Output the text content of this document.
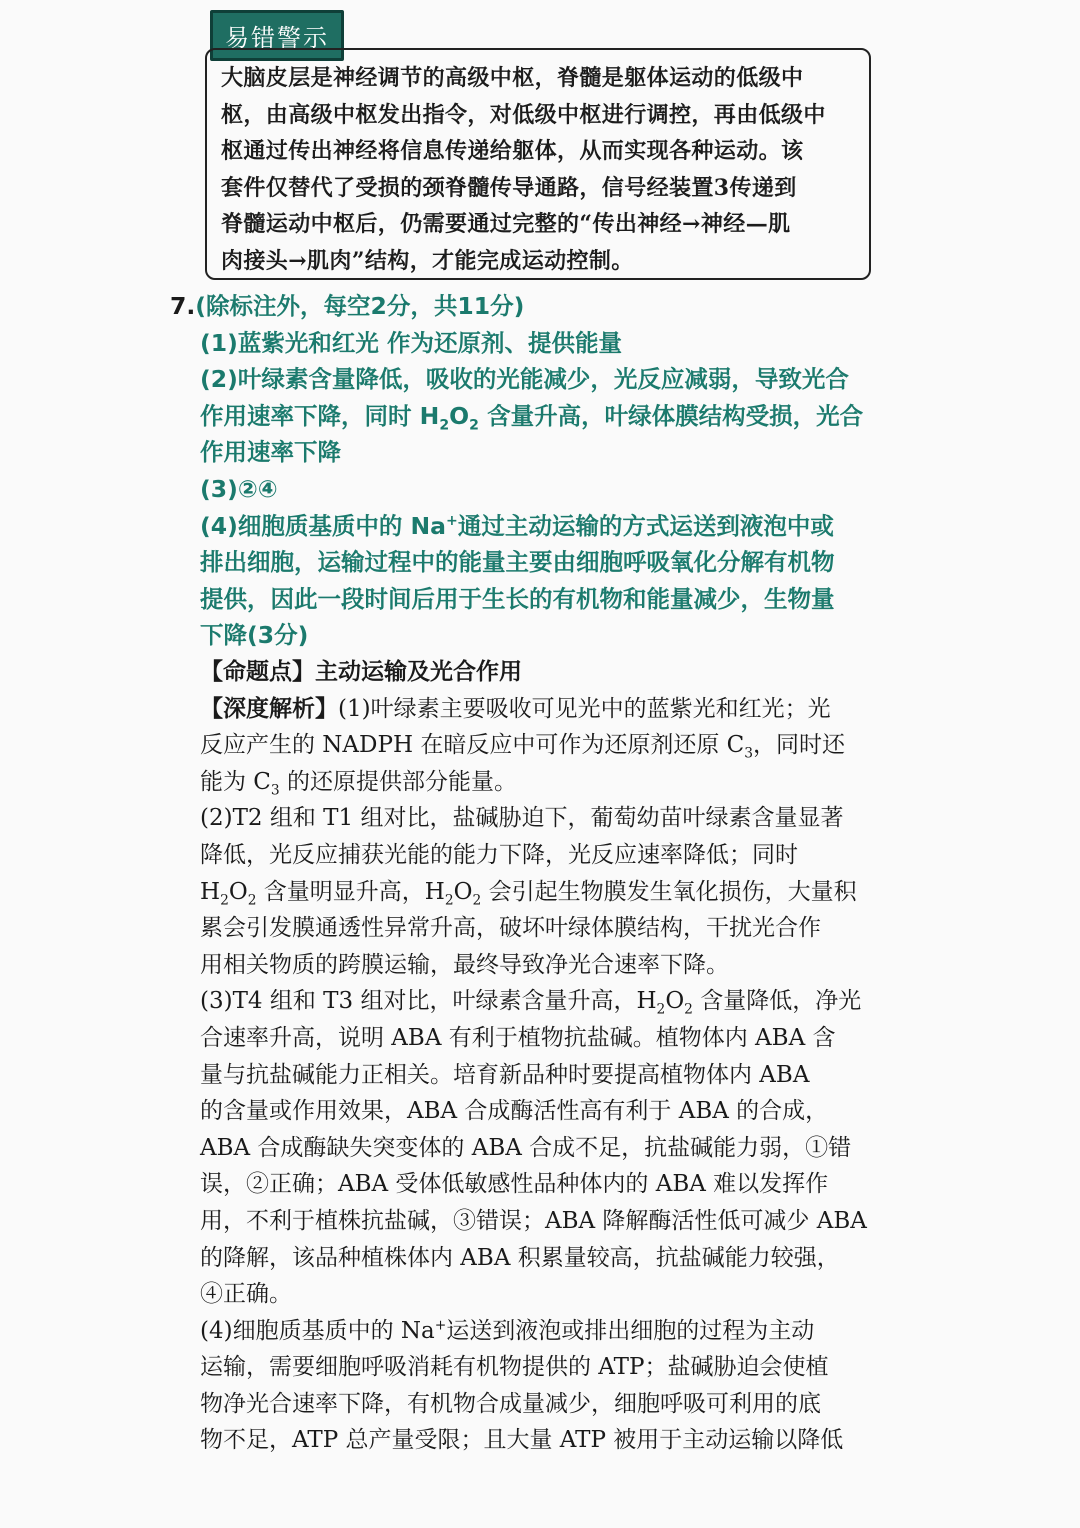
易错警示

大脑皮层是神经调节的高级中枢，脊髓是躯体运动的低级中
枢，由高级中枢发出指令，对低级中枢进行调控，再由低级中
枢通过传出神经将信息传递给躯体，从而实现各种运动。该
套件仅替代了受损的颈脊髓传导通路，信号经装置3传递到
脊髓运动中枢后，仍需要通过完整的“传出神经→神经—肌
肉接头→肌肉”结构，才能完成运动控制。

7.(除标注外，每空2分，共11分)
(1)蓝紫光和红光 作为还原剂、提供能量
(2)叶绿素含量降低，吸收的光能减少，光反应减弱，导致光合
作用速率下降，同时 $H_2O_2$ 含量升高，叶绿体膜结构受损，光合
作用速率下降
(3)②④
(4)细胞质基质中的 Na+通过主动运输的方式运送到液泡中或
排出细胞，运输过程中的能量主要由细胞呼吸氧化分解有机物
提供，因此一段时间后用于生长的有机物和能量减少，生物量
下降(3分)
【命题点】主动运输及光合作用
【深度解析】(1)叶绿素主要吸收可见光中的蓝紫光和红光；光
反应产生的 NADPH 在暗反应中可作为还原剂还原 $C_3$，同时还
能为 $C_3$ 的还原提供部分能量。
(2)T2 组和 T1 组对比，盐碱胁迫下，葡萄幼苗叶绿素含量显著
降低，光反应捕获光能的能力下降，光反应速率降低；同时
$H_2O_2$ 含量明显升高，$H_2O_2$ 会引起生物膜发生氧化损伤，大量积
累会引发膜通透性异常升高，破坏叶绿体膜结构，干扰光合作
用相关物质的跨膜运输，最终导致净光合速率下降。
(3)T4 组和 T3 组对比，叶绿素含量升高，$H_2O_2$ 含量降低，净光
合速率升高，说明 ABA 有利于植物抗盐碱。植物体内 ABA 含
量与抗盐碱能力正相关。培育新品种时要提高植物体内 ABA
的含量或作用效果，ABA 合成酶活性高有利于 ABA 的合成，
ABA 合成酶缺失突变体的 ABA 合成不足，抗盐碱能力弱，①错
误，②正确；ABA 受体低敏感性品种体内的 ABA 难以发挥作
用，不利于植株抗盐碱，③错误；ABA 降解酶活性低可减少 ABA
的降解，该品种植株体内 ABA 积累量较高，抗盐碱能力较强，
④正确。
(4)细胞质基质中的 Na+运送到液泡或排出细胞的过程为主动
运输，需要细胞呼吸消耗有机物提供的 ATP；盐碱胁迫会使植
物净光合速率下降，有机物合成量减少，细胞呼吸可利用的底
物不足，ATP 总产量受限；且大量 ATP 被用于主动运输以降低
